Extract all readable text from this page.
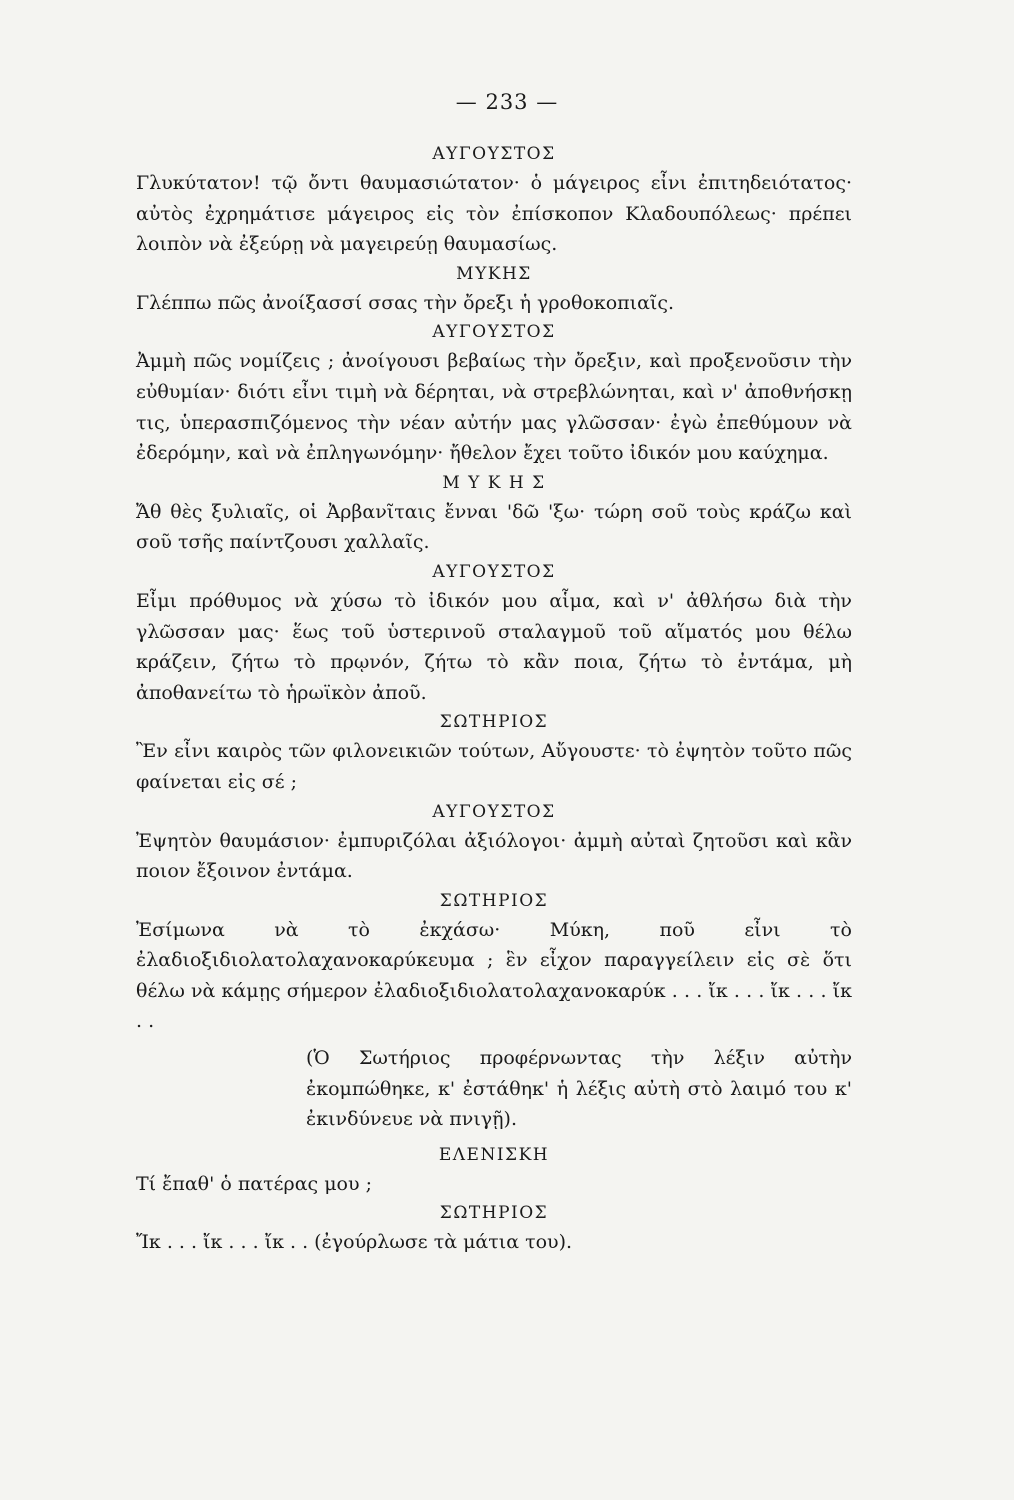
— 233 —

ΑΥΓΟΥΣΤΟΣ

Γλυκύτατον! τῷ ὄντι θαυμασιώτατον· ὁ μάγειρος εἶνι ἐπιτηδειότατος· αὐτὸς ἐχρημάτισε μάγειρος εἰς τὸν ἐπίσκοπον Κλαδουπόλεως· πρέπει λοιπὸν νὰ ἐξεύρῃ νὰ μαγειρεύῃ θαυμασίως.

ΜΥΚΗΣ

Γλέππω πῶς ἀνοίξασσί σσας τὴν ὄρεξι ἡ γροθοκοπιαῖς.

ΑΥΓΟΥΣΤΟΣ

Ἀμμὴ πῶς νομίζεις ; ἀνοίγουσι βεβαίως τὴν ὄρεξιν, καὶ προξενοῦσιν τὴν εὐθυμίαν· διότι εἶνι τιμὴ νὰ δέρηται, νὰ στρεβλώνηται, καὶ ν' ἀποθνήσκῃ τις, ὑπερασπιζόμενος τὴν νέαν αὐτήν μας γλῶσσαν· ἐγὼ ἐπεθύμουν νὰ ἐδερόμην, καὶ νὰ ἐπληγωνόμην· ἤθελον ἔχει τοῦτο ἰδικόν μου καύχημα.

Μ Υ Κ Η Σ

Ἄθ θὲς ξυλιαῖς, οἱ Ἀρβανῖταις ἔνναι 'δῶ 'ξω· τώρη σοῦ τοὺς κράζω καὶ σοῦ τσῆς παίντζουσι χαλλαῖς.

ΑΥΓΟΥΣΤΟΣ

Εἶμι πρόθυμος νὰ χύσω τὸ ἰδικόν μου αἷμα, καὶ ν' ἀθλήσω διὰ τὴν γλῶσσαν μας· ἕως τοῦ ὑστερινοῦ σταλαγμοῦ τοῦ αἵματός μου θέλω κράζειν, ζήτω τὸ πρῳνόν, ζήτω τὸ κἂν ποια, ζήτω τὸ ἐντάμα, μὴ ἀποθανείτω τὸ ἡρωϊκὸν ἀποῦ.

ΣΩΤΗΡΙΟΣ

Ἒν εἶνι καιρὸς τῶν φιλονεικιῶν τούτων, Αὔγουστε· τὸ ἐψητὸν τοῦτο πῶς φαίνεται εἰς σέ ;

ΑΥΓΟΥΣΤΟΣ

Ἐψητὸν θαυμάσιον· ἐμπυριζόλαι ἀξιόλογοι· ἀμμὴ αὐταὶ ζητοῦσι καὶ κἂν ποιον ἔξοινον ἐντάμα.

ΣΩΤΗΡΙΟΣ

Ἐσίμωνα νὰ τὸ ἐκχάσω· Μύκη, ποῦ εἶνι τὸ ἐλαδιοξιδιολατολαχανοκαρύκευμα ; ἓν εἶχον παραγγείλειν εἰς σὲ ὅτι θέλω νὰ κάμῃς σήμερον ἐλαδιοξιδιολατολαχανοκαρύκ . . . ἴκ . . . ἴκ . . . ἴκ . .

(Ὁ Σωτήριος προφέρνωντας τὴν λέξιν αὐτὴν ἐκομπώθηκε, κ' ἐστάθηκ' ἡ λέξις αὐτὴ στὸ λαιμό του κ' ἐκινδύνευε νὰ πνιγῇ).

ΕΛΕΝΙΣΚΗ

Τί ἔπαθ' ὁ πατέρας μου ;

ΣΩΤΗΡΙΟΣ

Ἴκ . . . ἴκ . . . ἴκ . . (ἐγούρλωσε τὰ μάτια του).
